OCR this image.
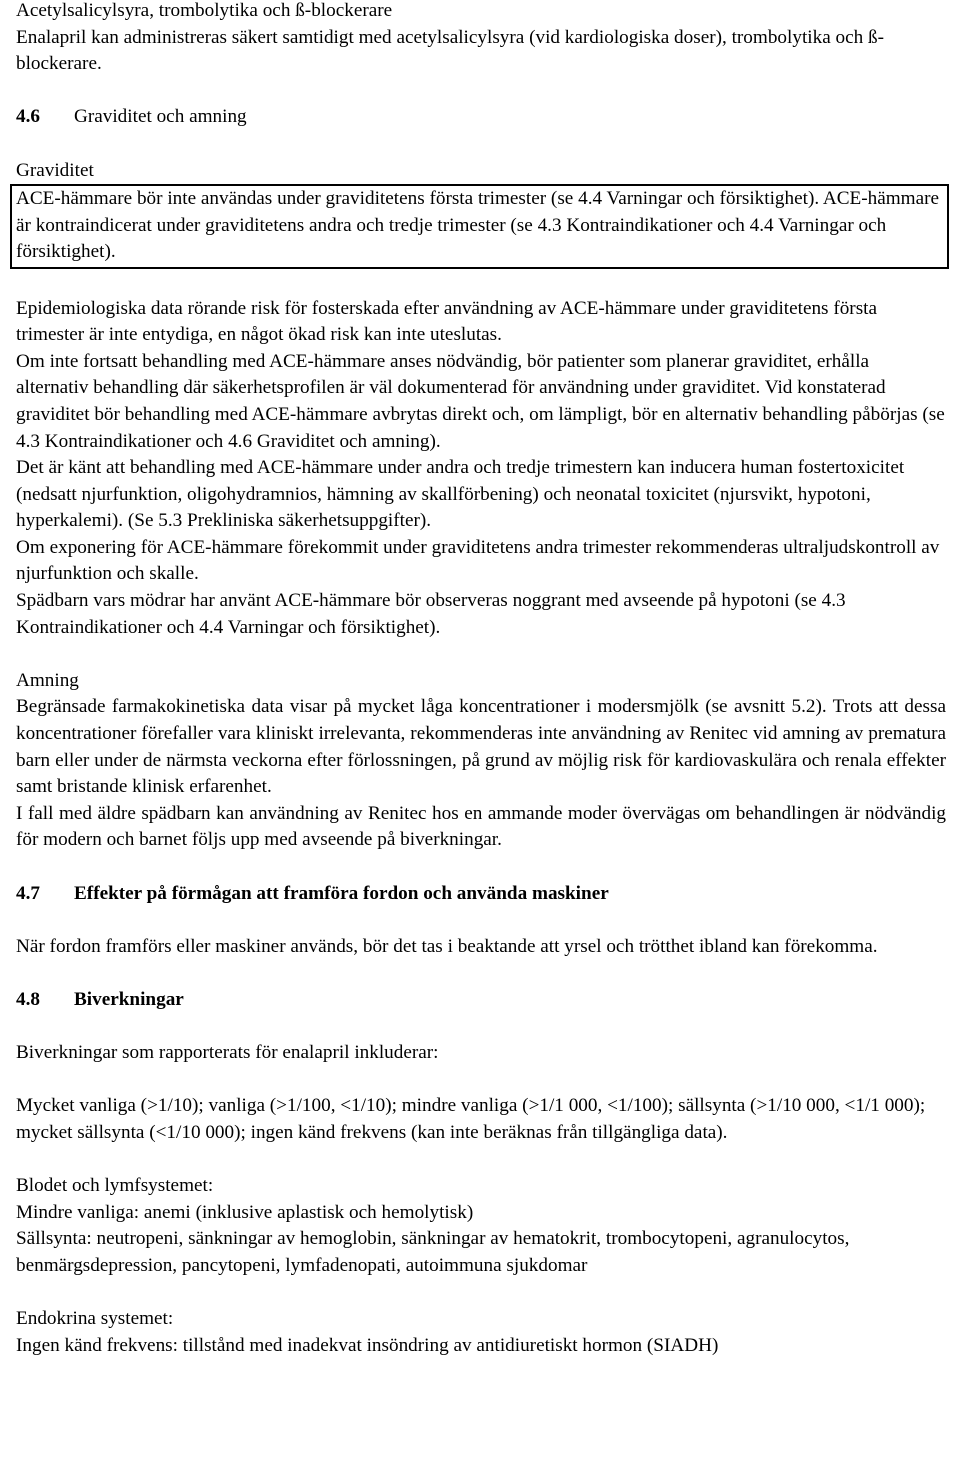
Acetylsalicylsyra, trombolytika och ß-blockerare

Enalapril kan administreras säkert samtidigt med acetylsalicylsyra (vid kardiologiska doser), trombolytika och ß-blockerare.

4.6 Graviditet och amning

Graviditet

ACE-hämmare bör inte användas under graviditetens första trimester (se 4.4 Varningar och försiktighet). ACE-hämmare är kontraindicerat under graviditetens andra och tredje trimester (se 4.3 Kontraindikationer och 4.4 Varningar och försiktighet).

Epidemiologiska data rörande risk för fosterskada efter användning av ACE-hämmare under graviditetens första trimester är inte entydiga, en något ökad risk kan inte uteslutas.

Om inte fortsatt behandling med ACE-hämmare anses nödvändig, bör patienter som planerar graviditet, erhålla alternativ behandling där säkerhetsprofilen är väl dokumenterad för användning under graviditet. Vid konstaterad graviditet bör behandling med ACE-hämmare avbrytas direkt och, om lämpligt, bör en alternativ behandling påbörjas (se 4.3 Kontraindikationer och 4.6 Graviditet och amning).

Det är känt att behandling med ACE-hämmare under andra och tredje trimestern kan inducera human fostertoxicitet (nedsatt njurfunktion, oligohydramnios, hämning av skallförbening) och neonatal toxicitet (njursvikt, hypotoni, hyperkalemi). (Se 5.3 Prekliniska säkerhetsuppgifter).

Om exponering för ACE-hämmare förekommit under graviditetens andra trimester rekommenderas ultraljudskontroll av njurfunktion och skalle.

Spädbarn vars mödrar har använt ACE-hämmare bör observeras noggrant med avseende på hypotoni (se 4.3 Kontraindikationer och 4.4 Varningar och försiktighet).

Amning

Begränsade farmakokinetiska data visar på mycket låga koncentrationer i modersmjölk (se avsnitt 5.2). Trots att dessa koncentrationer förefaller vara kliniskt irrelevanta, rekommenderas inte användning av Renitec vid amning av prematura barn eller under de närmsta veckorna efter förlossningen, på grund av möjlig risk för kardiovaskulära och renala effekter samt bristande klinisk erfarenhet.

I fall med äldre spädbarn kan användning av Renitec hos en ammande moder övervägas om behandlingen är nödvändig för modern och barnet följs upp med avseende på biverkningar.

4.7 Effekter på förmågan att framföra fordon och använda maskiner

När fordon framförs eller maskiner används, bör det tas i beaktande att yrsel och trötthet ibland kan förekomma.

4.8 Biverkningar

Biverkningar som rapporterats för enalapril inkluderar:

Mycket vanliga (>1/10); vanliga (>1/100, <1/10); mindre vanliga (>1/1 000, <1/100); sällsynta (>1/10 000, <1/1 000); mycket sällsynta (<1/10 000); ingen känd frekvens (kan inte beräknas från tillgängliga data).

Blodet och lymfsystemet:

Mindre vanliga: anemi (inklusive aplastisk och hemolytisk)

Sällsynta: neutropeni, sänkningar av hemoglobin, sänkningar av hematokrit, trombocytopeni, agranulocytos, benmärgsdepression, pancytopeni, lymfadenopati, autoimmuna sjukdomar

Endokrina systemet:

Ingen känd frekvens: tillstånd med inadekvat insöndring av antidiuretiskt hormon (SIADH)
